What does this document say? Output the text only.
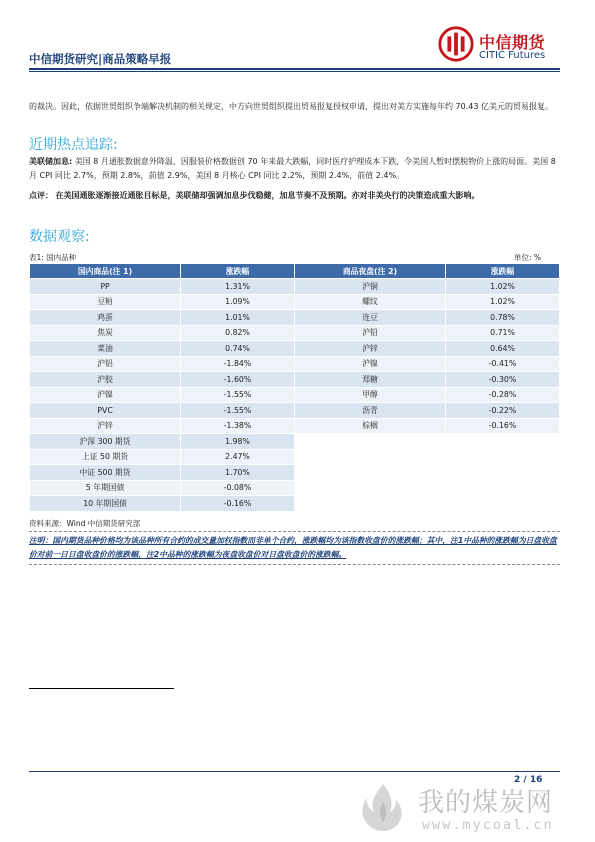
中信期货研究|商品策略早报
中信期货
CITIC Futures
的裁决。因此，依据世贸组织争端解决机制的相关规定，中方向世贸组织提出贸易报复授权申请，提出对美方实施每年约 70.43 亿美元的贸易报复。
近期热点追踪:
美联储加息: 美国 8 月通胀数据意外降温，因服装价格数据创 70 年来最大跌幅，同时医疗护理成本下跌，令美国人暂时摆脱物价上涨的局面。美国 8 月 CPI 同比 2.7%，预期 2.8%，前值 2.9%，美国 8 月核心 CPI 同比 2.2%，预期 2.4%，前值 2.4%。
点评： 在美国通胀逐渐接近通胀目标是，美联储却强调加息步伐稳健，加息节奏不及预期。亦对非美央行的决策造成重大影响。
数据观察:
表1: 国内品种	单位: %
国内商品(注 1)	涨跌幅	商品夜盘(注 2)	涨跌幅
PP	1.31%	沪铜	1.02%
豆粕	1.09%	螺纹	1.02%
鸡蛋	1.01%	连豆	0.78%
焦炭	0.82%	沪铅	0.71%
菜油	0.74%	沪锌	0.64%
沪铝	-1.84%	沪镍	-0.41%
沪胶	-1.60%	郑糖	-0.30%
沪镍	-1.55%	甲醇	-0.28%
PVC	-1.55%	沥青	-0.22%
沪锌	-1.38%	棕榈	-0.16%
沪深 300 期货	1.98%		
上证 50 期货	2.47%		
中证 500 期货	1.70%		
5 年期国债	-0.08%		
10 年期国债	-0.16%		
资料来源：Wind 中信期货研究部
注明：国内期货品种价格均为该品种所有合约的成交量加权指数而非单个合约，涨跌幅均为该指数收盘价的涨跌幅；其中，注1中品种的涨跌幅为日盘收盘价对前一日日盘收盘价的涨跌幅，注2中品种的涨跌幅为夜盘收盘价对日盘收盘价的涨跌幅。
2 / 16
我的煤炭网
www.mycoal.cn
